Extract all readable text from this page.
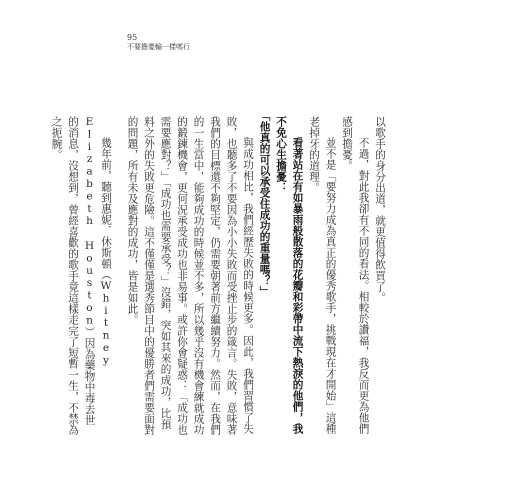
95
不要擔憂輸一樣嗎行

以歌手的身分出道，就更值得飲買了。

不過，對此我卻有不同的看法。相較於讚福，我反而更為他們感到擔憂。

並不是「要努力成為真正的優秀歌手，挑戰現在才開始」這種老掉牙的道理。

看著站在有如暴雨般散落的花瓣和彩帶中流下熱淚的他們，我不免心生擔憂：

「他真的可以承受住成功的重量嗎？」

與成功相比，我們經歷失敗的時候更多。因此，我們習慣了失敗，也聽多了不要因為小小失敗而受挫止步的箴言。失敗，意味著我們的目標還不夠堅定，仍需要朝著前方繼續努力。然而，在我們的一生當中，能夠成功的時候並不多，所以幾乎沒有機會練就成功的鍛鍊機會，更何況承受成功也非易事。或許你會疑惑：「成功也需要應對？」「成功也需要承受？」沒錯，突如其來的成功，比預料之外的失敗更危險。這不僅僅是選秀節目中的優勝者們需要面對的問題，所有未及應對的成功，皆是如此。

幾年前，聽到惠妮．休斯頓（Whitney Elizabeth Houston）因為藥物中毒去世的消息，沒想到，曾經喜歡的歌手竟這樣走完了短暫一生，不禁為之扼腕。
